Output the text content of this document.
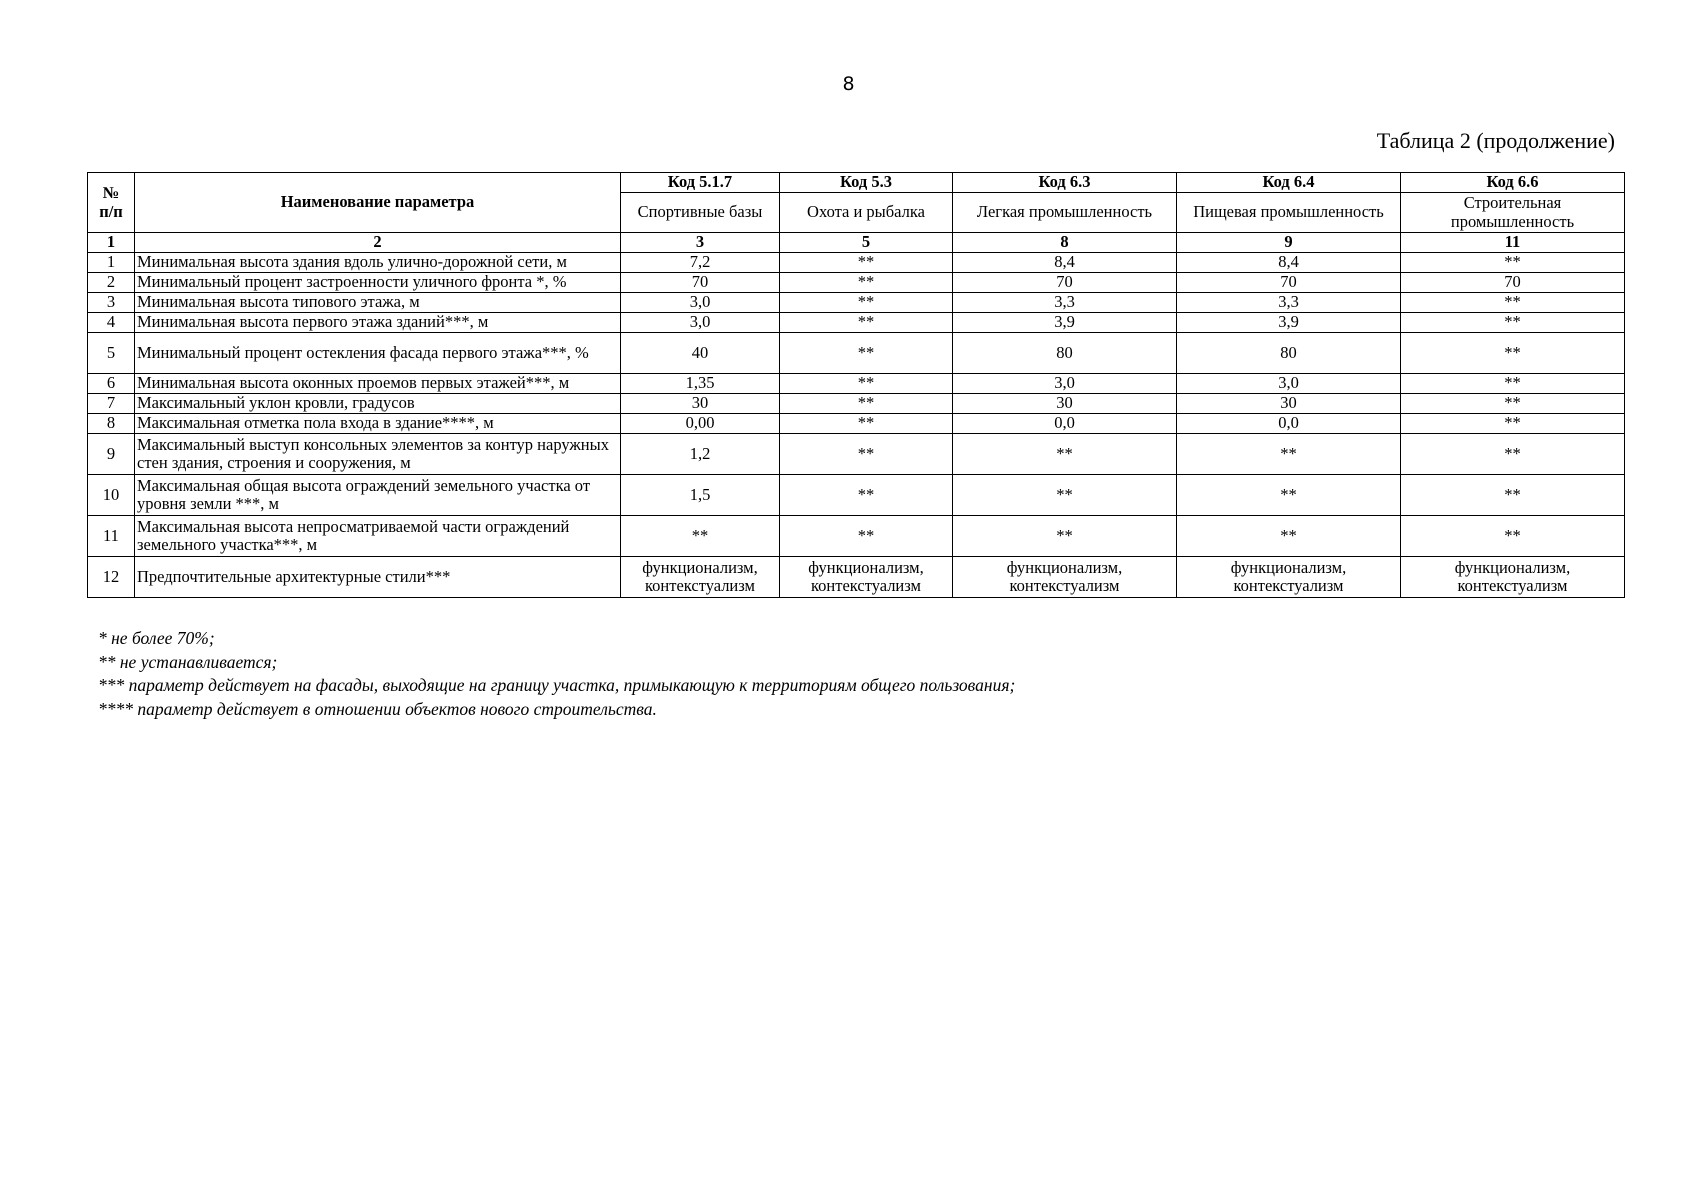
8
Таблица 2 (продолжение)
№
п/п	Наименование параметра	Код 5.1.7	Код 5.3	Код 6.3	Код 6.4	Код 6.6
		Спортивные базы	Охота и рыбалка	Легкая промышленность	Пищевая промышленность	Строительная промышленность
1	2	3	5	8	9	11
1	Минимальная высота здания вдоль улично-дорожной сети, м	7,2	**	8,4	8,4	**
2	Минимальный процент застроенности уличного фронта *, %	70	**	70	70	70
3	Минимальная высота типового этажа, м	3,0	**	3,3	3,3	**
4	Минимальная высота первого этажа зданий***, м	3,0	**	3,9	3,9	**
5	Минимальный процент остекления фасада первого этажа***, %	40	**	80	80	**
6	Минимальная высота оконных проемов первых этажей***, м	1,35	**	3,0	3,0	**
7	Максимальный уклон кровли, градусов	30	**	30	30	**
8	Максимальная отметка пола входа в здание****, м	0,00	**	0,0	0,0	**
9	Максимальный выступ консольных элементов за контур наружных стен здания, строения и сооружения, м	1,2	**	**	**	**
10	Максимальная общая высота ограждений земельного участка от уровня земли ***, м	1,5	**	**	**	**
11	Максимальная высота непросматриваемой части ограждений земельного участка***, м	**	**	**	**	**
12	Предпочтительные архитектурные стили***	функционализм, контекстуализм	функционализм, контекстуализм	функционализм, контекстуализм	функционализм, контекстуализм	функционализм, контекстуализм
* не более 70%;
** не устанавливается;
*** параметр действует на фасады, выходящие на границу участка, примыкающую к территориям общего пользования;
**** параметр действует в отношении объектов нового строительства.
